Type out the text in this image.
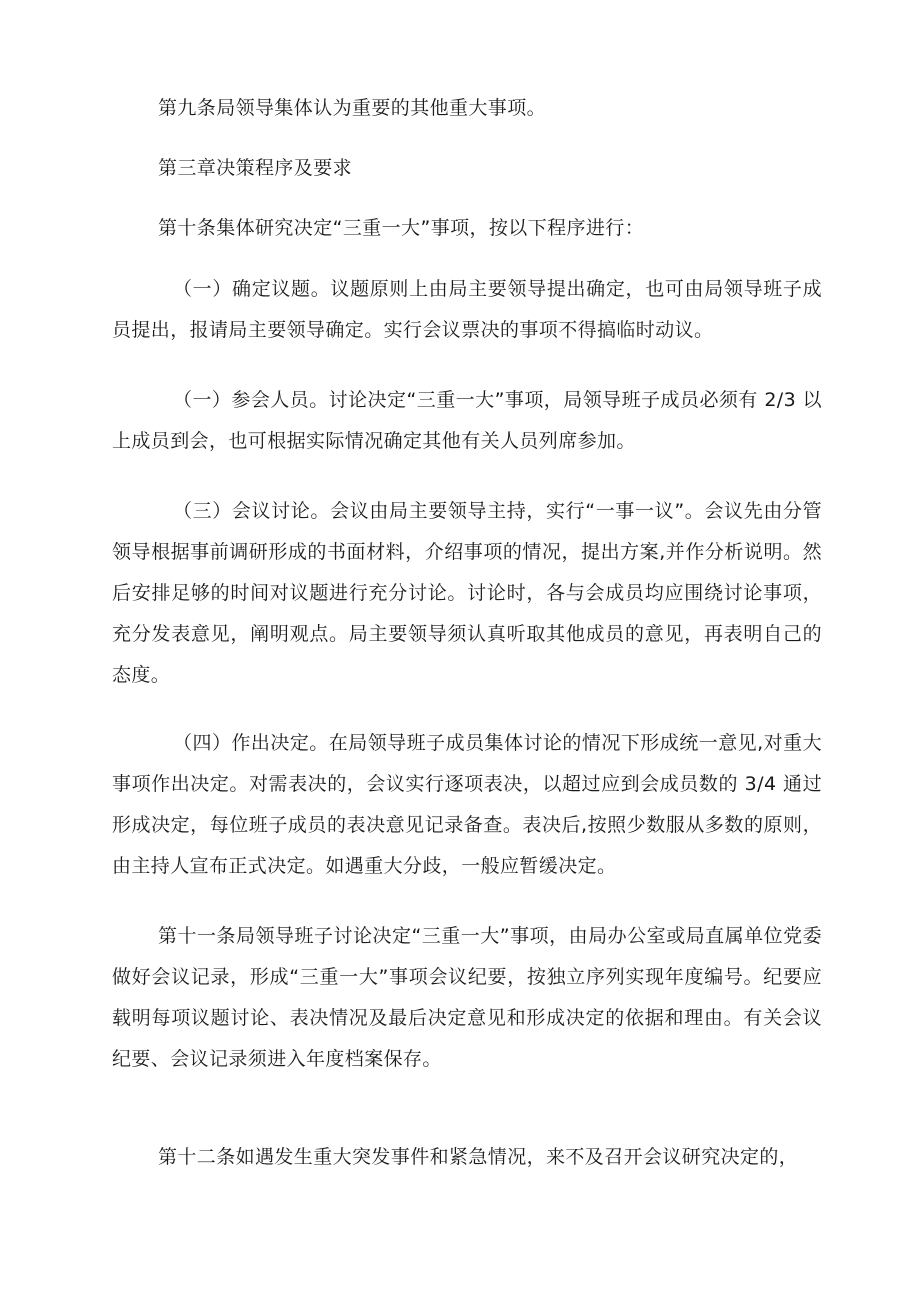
第九条局领导集体认为重要的其他重大事项。

第三章决策程序及要求

第十条集体研究决定“三重一大”事项，按以下程序进行：

（一）确定议题。议题原则上由局主要领导提出确定，也可由局领导班子成员提出，报请局主要领导确定。实行会议票决的事项不得搞临时动议。

（一）参会人员。讨论决定“三重一大”事项，局领导班子成员必须有 2/3 以上成员到会，也可根据实际情况确定其他有关人员列席参加。

（三）会议讨论。会议由局主要领导主持，实行“一事一议”。会议先由分管领导根据事前调研形成的书面材料，介绍事项的情况，提出方案,并作分析说明。然后安排足够的时间对议题进行充分讨论。讨论时，各与会成员均应围绕讨论事项，充分发表意见，阐明观点。局主要领导须认真听取其他成员的意见，再表明自己的态度。

（四）作出决定。在局领导班子成员集体讨论的情况下形成统一意见,对重大事项作出决定。对需表决的，会议实行逐项表决，以超过应到会成员数的 3/4 通过形成决定，每位班子成员的表决意见记录备查。表决后,按照少数服从多数的原则，由主持人宣布正式决定。如遇重大分歧，一般应暂缓决定。

第十一条局领导班子讨论决定“三重一大”事项，由局办公室或局直属单位党委做好会议记录，形成“三重一大”事项会议纪要，按独立序列实现年度编号。纪要应载明每项议题讨论、表决情况及最后决定意见和形成决定的依据和理由。有关会议纪要、会议记录须进入年度档案保存。

第十二条如遇发生重大突发事件和紧急情况，来不及召开会议研究决定的，
